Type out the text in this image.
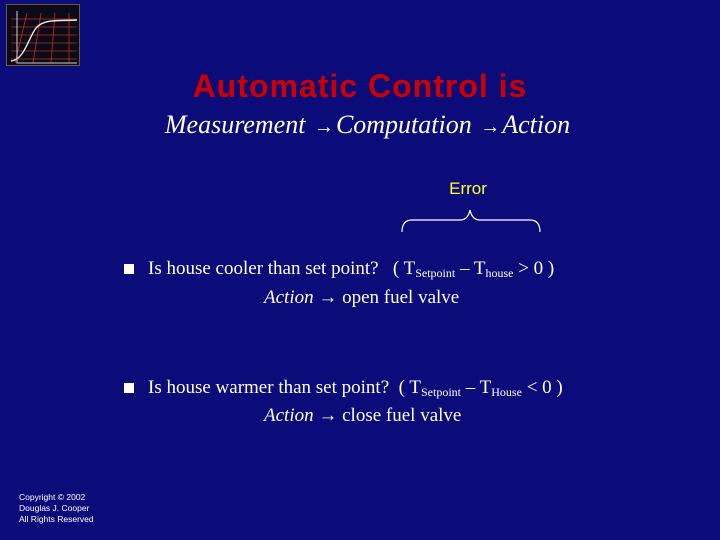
Automatic Control is
Measurement →Computation →Action
Error
Is house cooler than set point? ( $T_{Setpoint} - T_{house} > 0$ )
Action → open fuel valve
Is house warmer than set point? ( $T_{Setpoint} - T_{House} < 0$ )
Action → close fuel valve
Copyright © 2002
Douglas J. Cooper
All Rights Reserved
